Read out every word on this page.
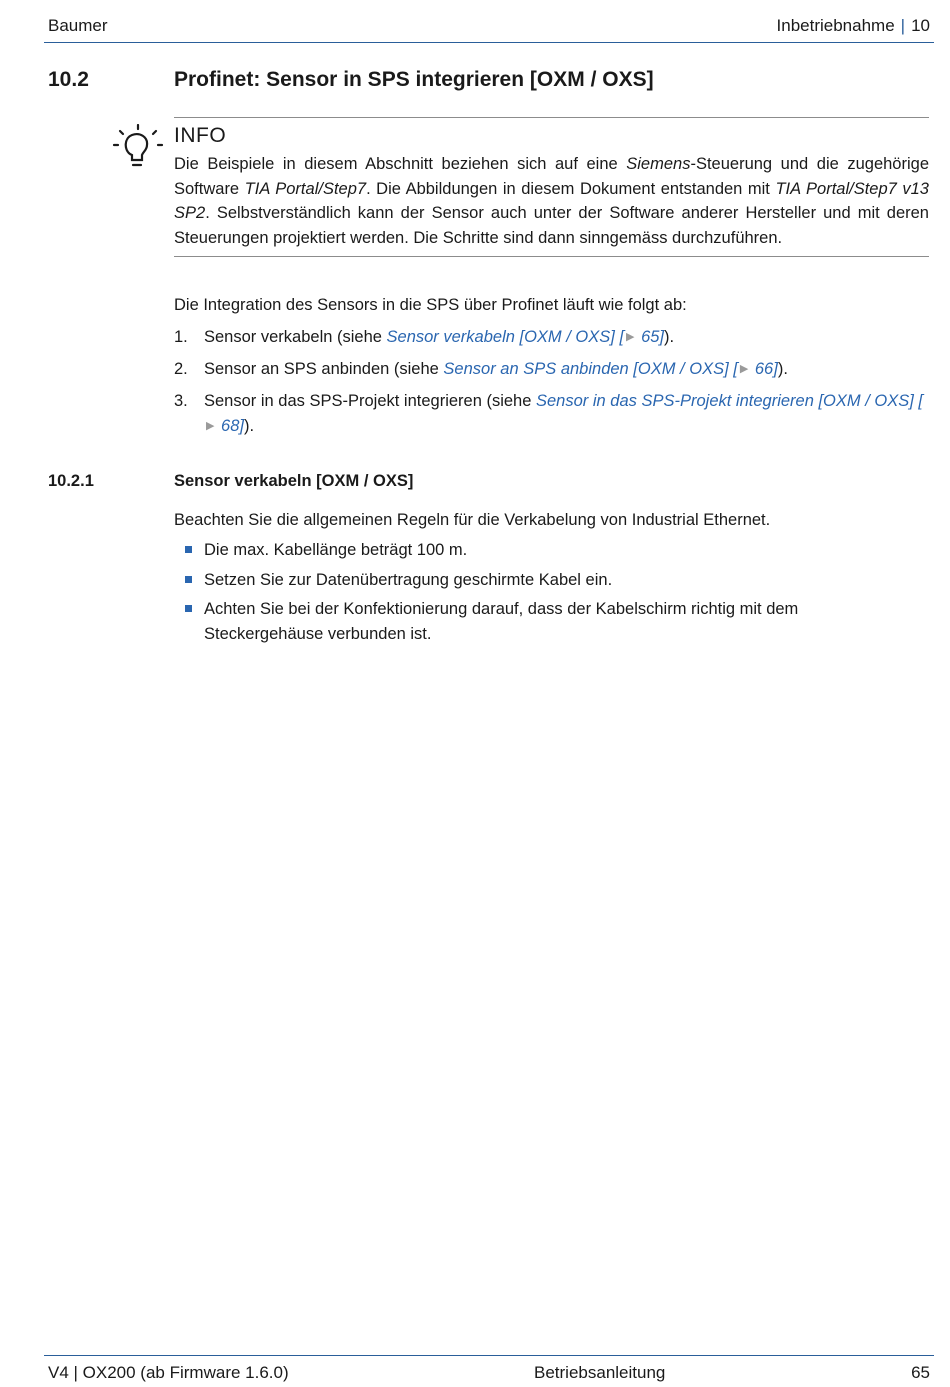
Baumer	Inbetriebnahme | 10
10.2	Profinet: Sensor in SPS integrieren [OXM / OXS]
INFO

Die Beispiele in diesem Abschnitt beziehen sich auf eine Siemens-Steuerung und die zugehörige Software TIA Portal/Step7. Die Abbildungen in diesem Dokument entstanden mit TIA Portal/Step7 v13 SP2. Selbstverständlich kann der Sensor auch unter der Software anderer Hersteller und mit deren Steuerungen projektiert werden. Die Schritte sind dann sinngemäss durchzuführen.

Die Integration des Sensors in die SPS über Profinet läuft wie folgt ab:
1. Sensor verkabeln (siehe Sensor verkabeln [OXM / OXS] [ ▶ 65]).
2. Sensor an SPS anbinden (siehe Sensor an SPS anbinden [OXM / OXS] [ ▶ 66]).
3. Sensor in das SPS-Projekt integrieren (siehe Sensor in das SPS-Projekt integrieren [OXM / OXS] [▶ 68]).
10.2.1	Sensor verkabeln [OXM / OXS]
Beachten Sie die allgemeinen Regeln für die Verkabelung von Industrial Ethernet.
Die max. Kabellänge beträgt 100 m.
Setzen Sie zur Datenübertragung geschirmte Kabel ein.
Achten Sie bei der Konfektionierung darauf, dass der Kabelschirm richtig mit dem Steckergehäuse verbunden ist.
V4 | OX200 (ab Firmware 1.6.0)	Betriebsanleitung	65
